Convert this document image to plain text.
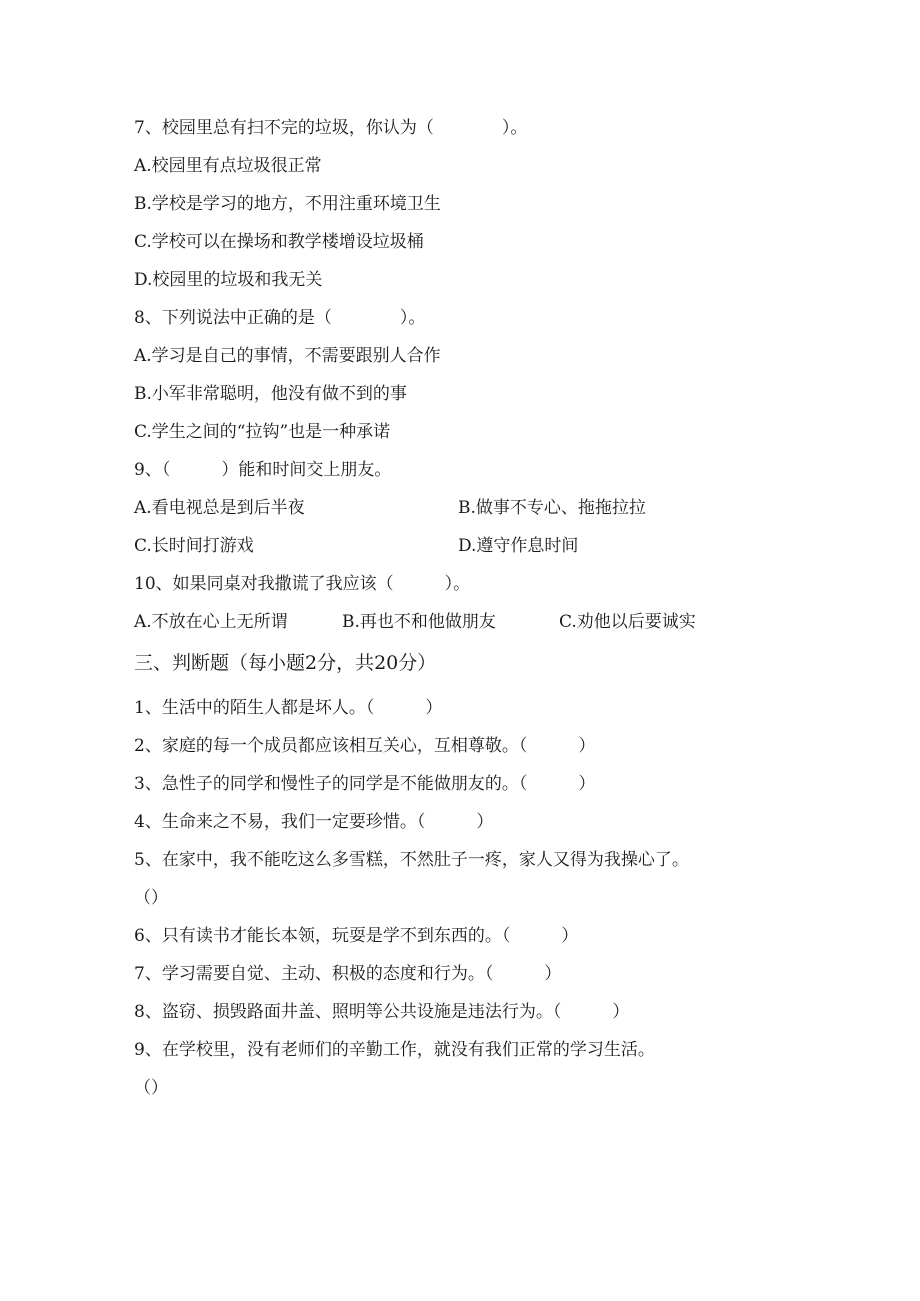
7、校园里总有扫不完的垃圾，你认为（　　　　）。

A.校园里有点垃圾很正常

B.学校是学习的地方，不用注重环境卫生

C.学校可以在操场和教学楼增设垃圾桶

D.校园里的垃圾和我无关

8、下列说法中正确的是（　　　　）。

A.学习是自己的事情，不需要跟别人合作

B.小军非常聪明，他没有做不到的事

C.学生之间的“拉钩”也是一种承诺

9、（　　　）能和时间交上朋友。

A.看电视总是到后半夜	B.做事不专心、拖拖拉拉
C.长时间打游戏	D.遵守作息时间

10、如果同桌对我撒谎了我应该（　　　）。

A.不放在心上无所谓	B.再也不和他做朋友	C.劝他以后要诚实
三、判断题（每小题2分，共20分）

1、生活中的陌生人都是坏人。（　　　）

2、家庭的每一个成员都应该相互关心，互相尊敬。（　　　）

3、急性子的同学和慢性子的同学是不能做朋友的。（　　　）

4、生命来之不易，我们一定要珍惜。（　　　）

5、在家中，我不能吃这么多雪糕，不然肚子一疼，家人又得为我操心了。

（）

6、只有读书才能长本领，玩耍是学不到东西的。（　　　）

7、学习需要自觉、主动、积极的态度和行为。（　　　）

8、盗窃、损毁路面井盖、照明等公共设施是违法行为。（　　　）

9、在学校里，没有老师们的辛勤工作，就没有我们正常的学习生活。

（）
